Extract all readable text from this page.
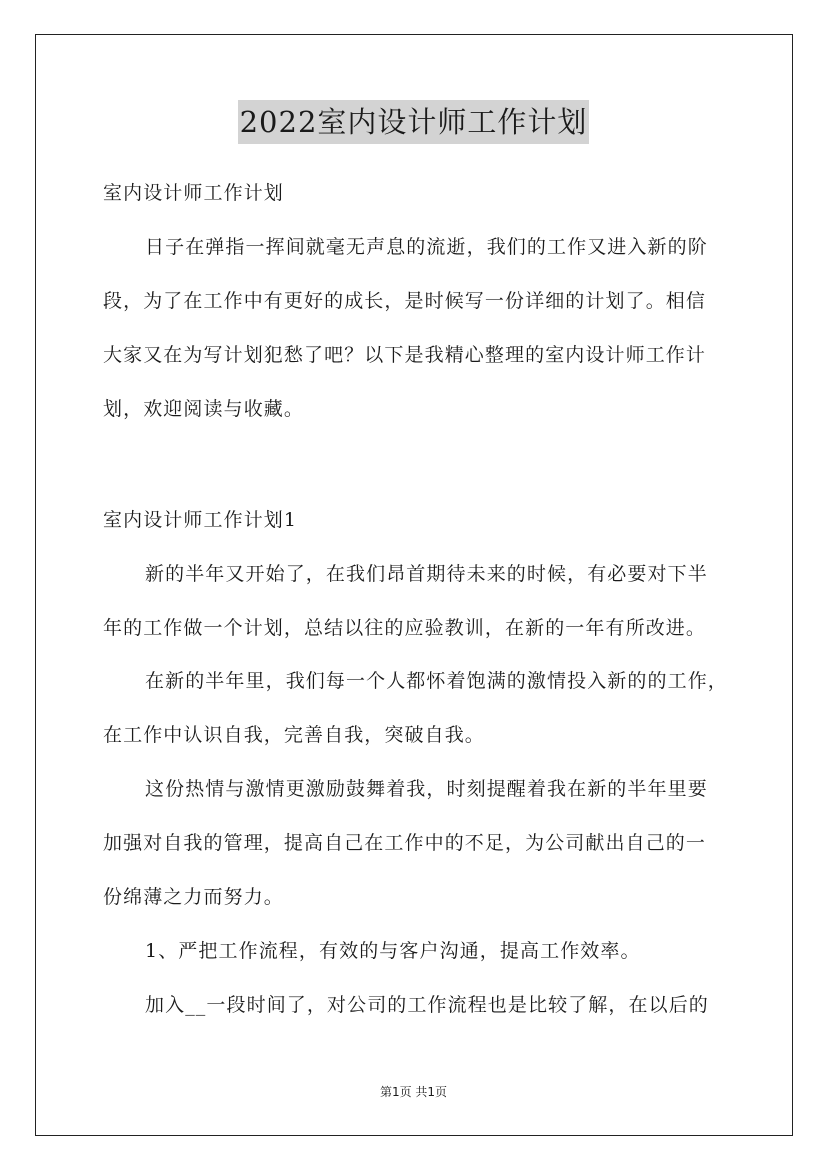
2022室内设计师工作计划
室内设计师工作计划
日子在弹指一挥间就毫无声息的流逝，我们的工作又进入新的阶
段，为了在工作中有更好的成长，是时候写一份详细的计划了。相信
大家又在为写计划犯愁了吧？以下是我精心整理的室内设计师工作计
划，欢迎阅读与收藏。
室内设计师工作计划1
新的半年又开始了，在我们昂首期待未来的时候，有必要对下半
年的工作做一个计划，总结以往的应验教训，在新的一年有所改进。
在新的半年里，我们每一个人都怀着饱满的激情投入新的的工作，
在工作中认识自我，完善自我，突破自我。
这份热情与激情更激励鼓舞着我，时刻提醒着我在新的半年里要
加强对自我的管理，提高自己在工作中的不足，为公司献出自己的一
份绵薄之力而努力。
1、严把工作流程，有效的与客户沟通，提高工作效率。
加入__一段时间了，对公司的工作流程也是比较了解，在以后的
第1页 共1页
